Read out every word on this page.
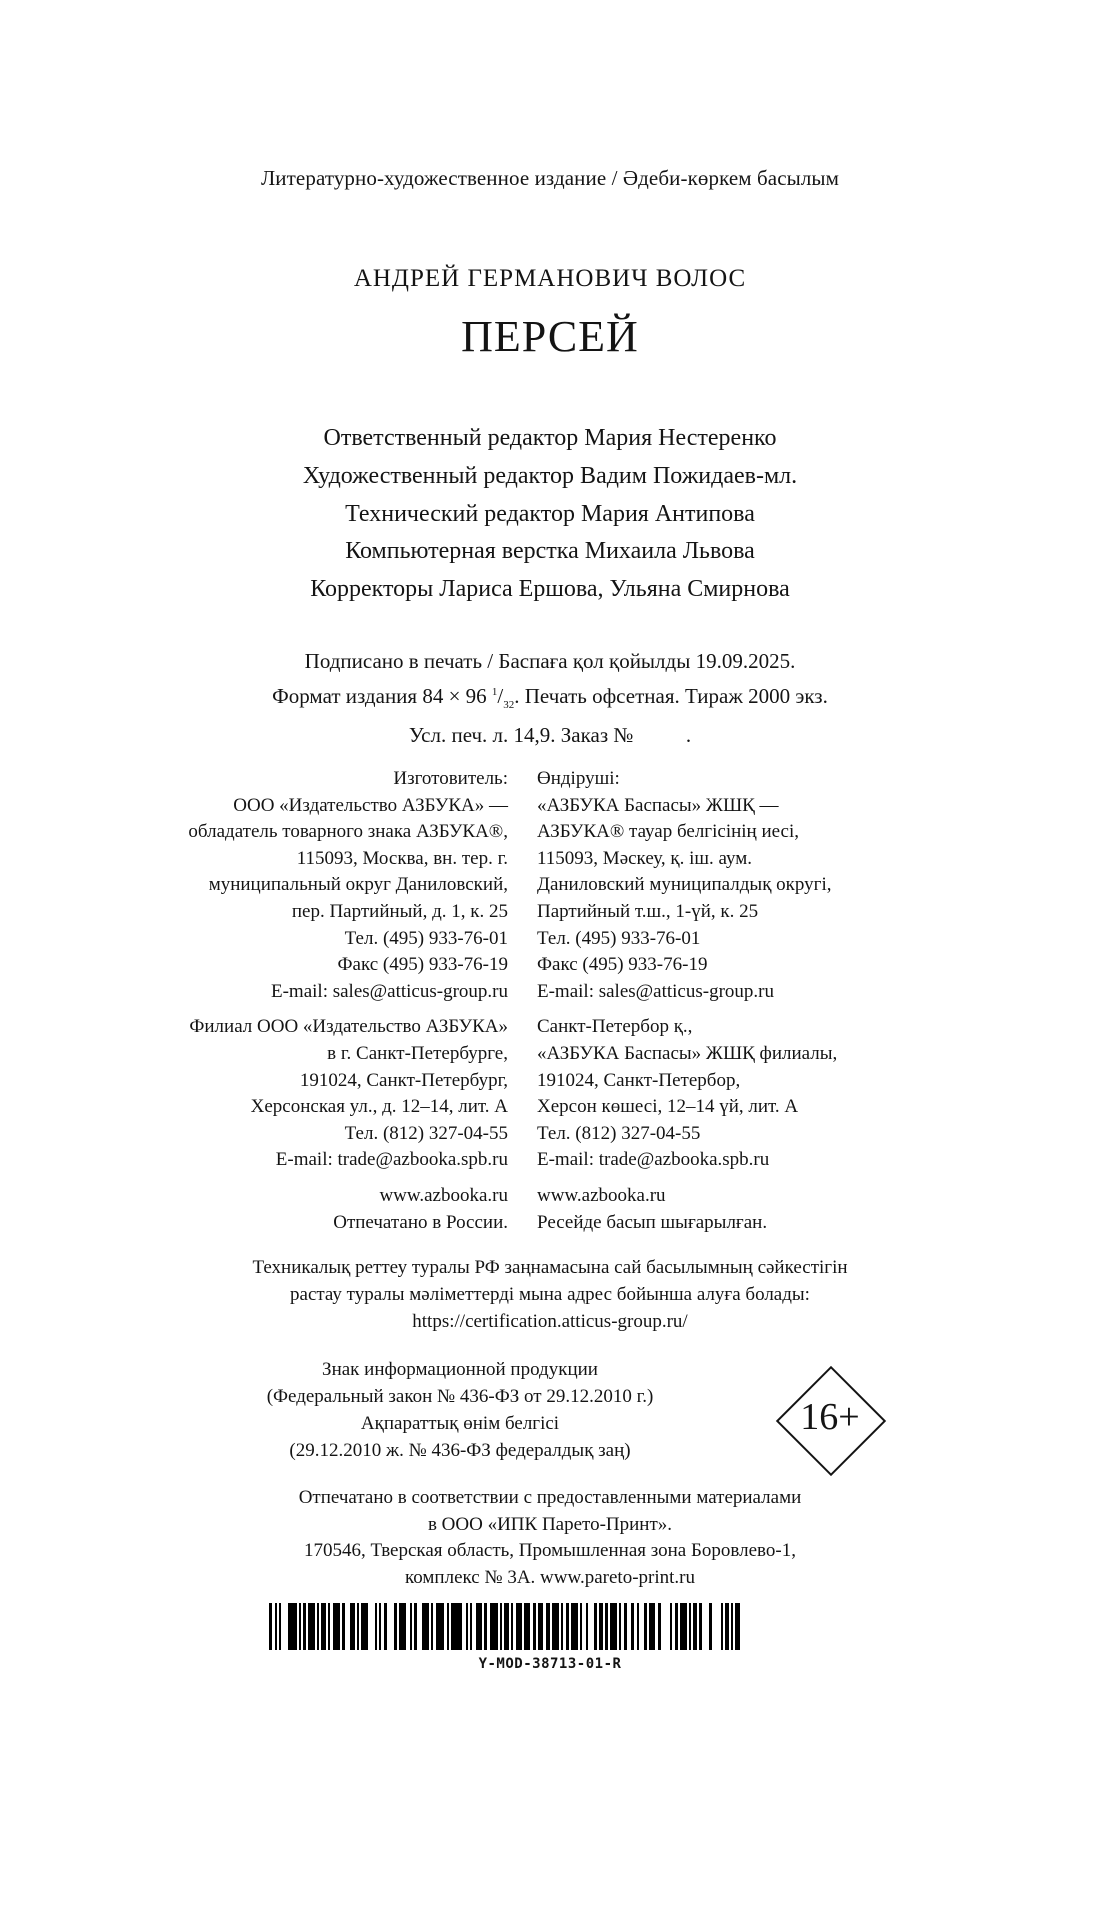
Литературно-художественное издание / Әдеби-көркем басылым
АНДРЕЙ ГЕРМАНОВИЧ ВОЛОС
ПЕРСЕЙ
Ответственный редактор Мария Нестеренко
Художественный редактор Вадим Пожидаев-мл.
Технический редактор Мария Антипова
Компьютерная верстка Михаила Львова
Корректоры Лариса Ершова, Ульяна Смирнова
Подписано в печать / Баспаға қол қойылды 19.09.2025.
Формат издания 84 × 96 $^1/_{32}$. Печать офсетная. Тираж 2000 экз.
Усл. печ. л. 14,9. Заказ №          .
Изготовитель:
ООО «Издательство АЗБУКА» —
обладатель товарного знака АЗБУКА®,
115093, Москва, вн. тер. г.
муниципальный округ Даниловский,
пер. Партийный, д. 1, к. 25
Тел. (495) 933-76-01
Факс (495) 933-76-19
E-mail: sales@atticus-group.ru
Филиал ООО «Издательство АЗБУКА»
в г. Санкт-Петербурге,
191024, Санкт-Петербург,
Херсонская ул., д. 12–14, лит. А
Тел. (812) 327-04-55
E-mail: trade@azbooka.spb.ru
www.azbooka.ru
Отпечатано в России.
Өндіруші:
«АЗБУКА Баспасы» ЖШҚ —
АЗБУКА® тауар белгісінің иесі,
115093, Мәскеу, қ. іш. аум.
Даниловский муниципалдық округі,
Партийный т.ш., 1-үй, к. 25
Тел. (495) 933-76-01
Факс (495) 933-76-19
E-mail: sales@atticus-group.ru
Санкт-Петербор қ.,
«АЗБУКА Баспасы» ЖШҚ филиалы,
191024, Санкт-Петербор,
Херсон көшесі, 12–14 үй, лит. А
Тел. (812) 327-04-55
E-mail: trade@azbooka.spb.ru
www.azbooka.ru
Ресейде басып шығарылған.
Техникалық реттеу туралы РФ заңнамасына сай басылымның сәйкестігін
растау туралы мәліметтерді мына адрес бойынша алуға болады:
https://certification.atticus-group.ru/
Знак информационной продукции
(Федеральный закон № 436-ФЗ от 29.12.2010 г.)
Ақпараттық өнім белгісі
(29.12.2010 ж. № 436-ФЗ федералдық заң)
16+
Отпечатано в соответствии с предоставленными материалами
в ООО «ИПК Парето-Принт».
170546, Тверская область, Промышленная зона Боровлево-1,
комплекс № 3А. www.pareto-print.ru
Y-MOD-38713-01-R
